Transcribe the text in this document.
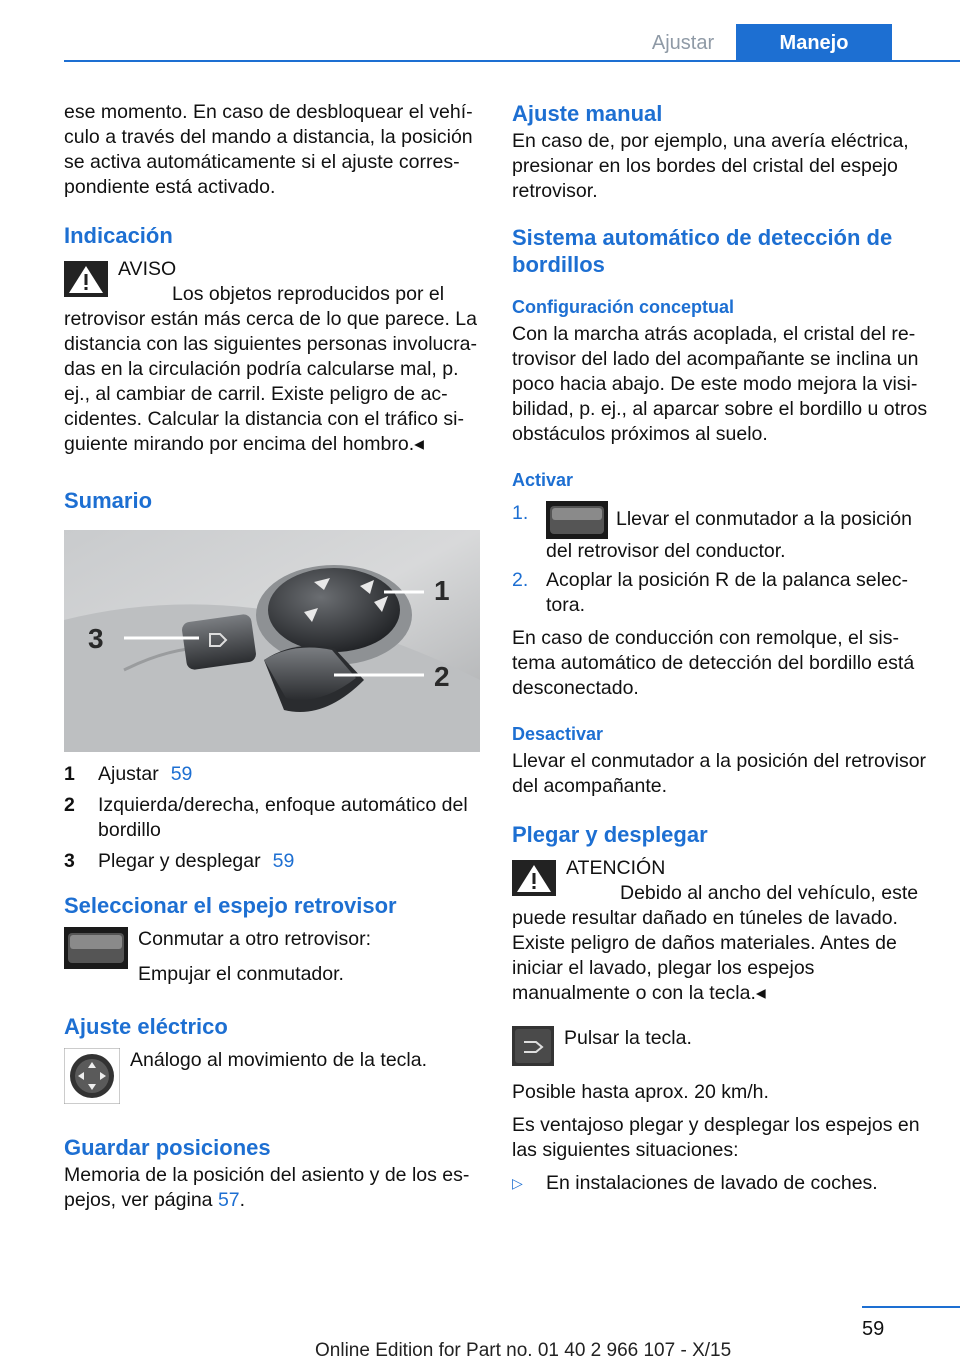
Ajustar	Manejo

ese momento. En caso de desbloquear el vehículo a través del mando a distancia, la posición se activa automáticamente si el ajuste correspondiente está activado.

Indicación
AVISO
Los objetos reproducidos por el retrovisor están más cerca de lo que parece. La distancia con las siguientes personas involucradas en la circulación podría calcularse mal, p. ej., al cambiar de carril. Existe peligro de accidentes. Calcular la distancia con el tráfico siguiente mirando por encima del hombro.◂
Sumario
1
2
3
1	Ajustar 59
2	Izquierda/derecha, enfoque automático del bordillo
3	Plegar y desplegar 59
Seleccionar el espejo retrovisor
Conmutar a otro retrovisor:
Empujar el conmutador.
Ajuste eléctrico
Análogo al movimiento de la tecla.
Guardar posiciones

Memoria de la posición del asiento y de los espejos, ver página 57.

Ajuste manual

En caso de, por ejemplo, una avería eléctrica, presionar en los bordes del cristal del espejo retrovisor.

Sistema automático de detección de bordillos
Configuración conceptual

Con la marcha atrás acoplada, el cristal del retrovisor del lado del acompañante se inclina un poco hacia abajo. De este modo mejora la visibilidad, p. ej., al aparcar sobre el bordillo u otros obstáculos próximos al suelo.

Activar
1.	Llevar el conmutador a la posición del retrovisor del conductor.
2. Acoplar la posición R de la palanca selectora.

En caso de conducción con remolque, el sistema automático de detección del bordillo está desconectado.

Desactivar

Llevar el conmutador a la posición del retrovisor del acompañante.

Plegar y desplegar
ATENCIÓN
Debido al ancho del vehículo, este puede resultar dañado en túneles de lavado. Existe peligro de daños materiales. Antes de iniciar el lavado, plegar los espejos manualmente o con la tecla.◂
Pulsar la tecla.

Posible hasta aprox. 20 km/h.

Es ventajoso plegar y desplegar los espejos en las siguientes situaciones:

▷	En instalaciones de lavado de coches.
59
Online Edition for Part no. 01 40 2 966 107 - X/15
